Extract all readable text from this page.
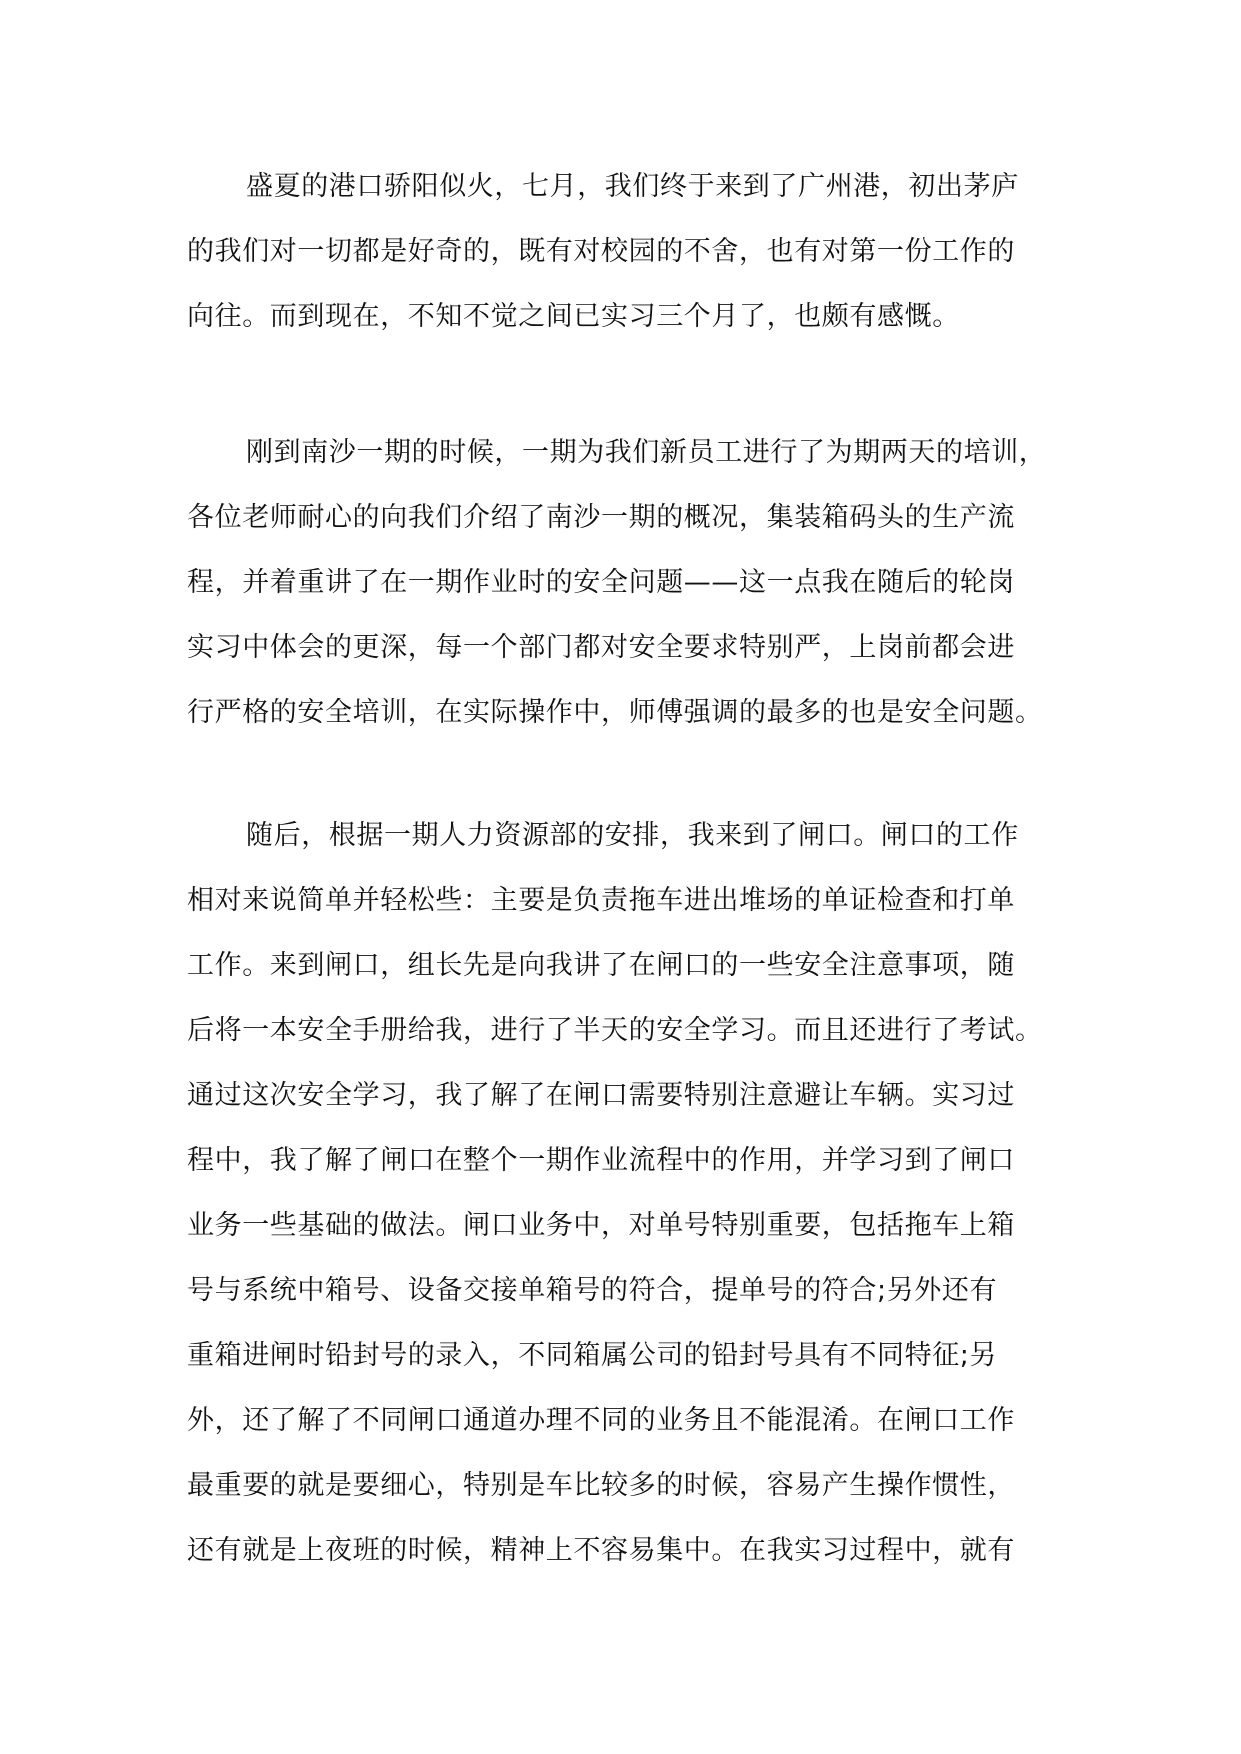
盛夏的港口骄阳似火，七月，我们终于来到了广州港，初出茅庐
的我们对一切都是好奇的，既有对校园的不舍，也有对第一份工作的
向往。而到现在，不知不觉之间已实习三个月了，也颇有感慨。
刚到南沙一期的时候，一期为我们新员工进行了为期两天的培训，
各位老师耐心的向我们介绍了南沙一期的概况，集装箱码头的生产流
程，并着重讲了在一期作业时的安全问题——这一点我在随后的轮岗
实习中体会的更深，每一个部门都对安全要求特别严，上岗前都会进
行严格的安全培训，在实际操作中，师傅强调的最多的也是安全问题。
随后，根据一期人力资源部的安排，我来到了闸口。闸口的工作
相对来说简单并轻松些：主要是负责拖车进出堆场的单证检查和打单
工作。来到闸口，组长先是向我讲了在闸口的一些安全注意事项，随
后将一本安全手册给我，进行了半天的安全学习。而且还进行了考试。
通过这次安全学习，我了解了在闸口需要特别注意避让车辆。实习过
程中，我了解了闸口在整个一期作业流程中的作用，并学习到了闸口
业务一些基础的做法。闸口业务中，对单号特别重要，包括拖车上箱
号与系统中箱号、设备交接单箱号的符合，提单号的符合;另外还有
重箱进闸时铅封号的录入，不同箱属公司的铅封号具有不同特征;另
外，还了解了不同闸口通道办理不同的业务且不能混淆。在闸口工作
最重要的就是要细心，特别是车比较多的时候，容易产生操作惯性，
还有就是上夜班的时候，精神上不容易集中。在我实习过程中，就有
